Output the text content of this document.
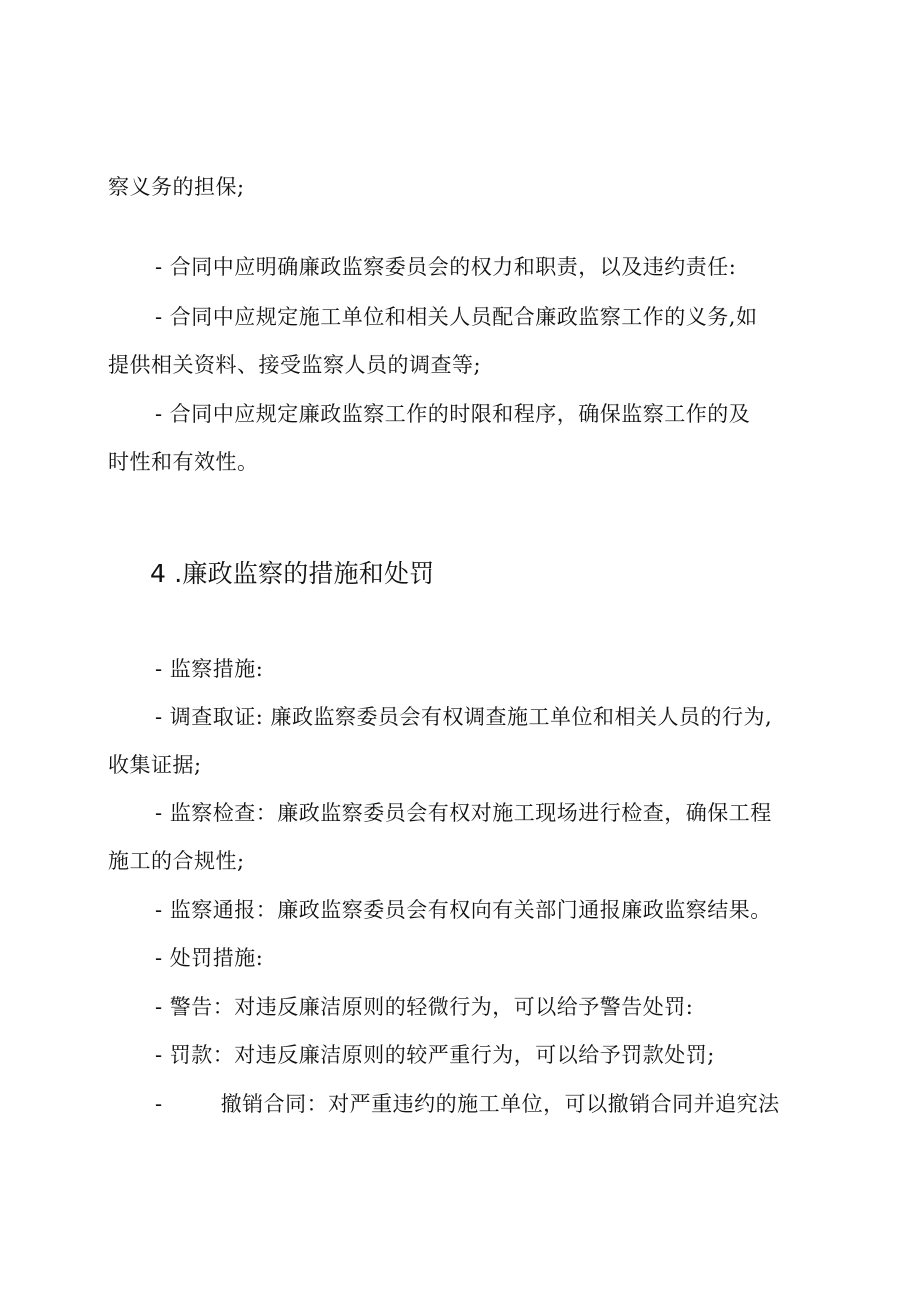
察义务的担保;
- 合同中应明确廉政监察委员会的权力和职责，以及违约责任:
- 合同中应规定施工单位和相关人员配合廉政监察工作的义务,如
提供相关资料、接受监察人员的调查等;
- 合同中应规定廉政监察工作的时限和程序，确保监察工作的及
时性和有效性。
4 .廉政监察的措施和处罚
- 监察措施:
- 调查取证: 廉政监察委员会有权调查施工单位和相关人员的行为,
收集证据;
- 监察检查：廉政监察委员会有权对施工现场进行检查，确保工程
施工的合规性;
- 监察通报：廉政监察委员会有权向有关部门通报廉政监察结果。
- 处罚措施:
- 警告：对违反廉洁原则的轻微行为，可以给予警告处罚:
- 罚款：对违反廉洁原则的较严重行为，可以给予罚款处罚;
-	撤销合同：对严重违约的施工单位，可以撤销合同并追究法
